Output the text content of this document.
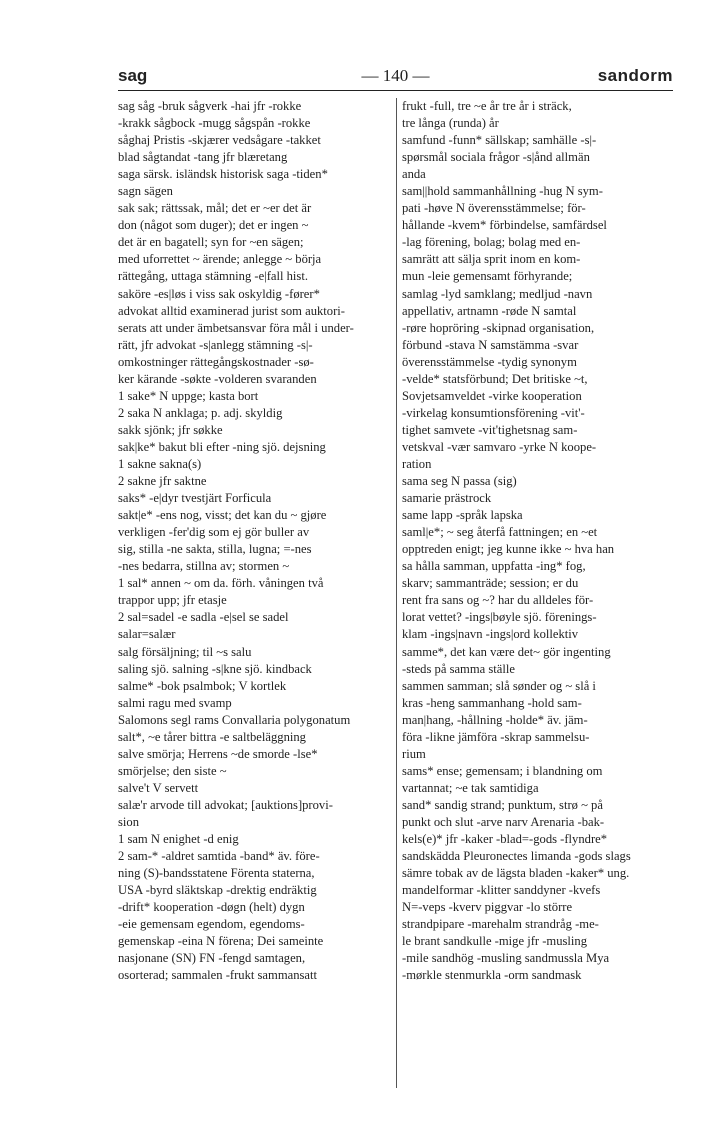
sag	— 140 —	sandorm
sag såg -bruk sågverk -hai jfr -rokke
-krakk sågbock -mugg sågspån -rokke
såghaj Pristis -skjærer vedsågare -takket
blad sågtandat -tang jfr blæretang
saga särsk. isländsk historisk saga -tiden*
sagn sägen
sak sak; rättssak, mål; det er ~er det är
don (något som duger); det er ingen ~
det är en bagatell; syn for ~en sägen;
med uforrettet ~ ärende; anlegge ~ börja
rättegång, uttaga stämning -e|fall hist.
saköre -es|løs i viss sak oskyldig -fører*
advokat alltid examinerad jurist som auktori-
serats att under ämbetsansvar föra mål i under-
rätt, jfr advokat -s|anlegg stämning -s|-
omkostninger rättegångskostnader -sø-
ker kärande -søkte -volderen svaranden
1 sake* N uppge; kasta bort
2 saka N anklaga; p. adj. skyldig
sakk sjönk; jfr søkke
sak|ke* bakut bli efter -ning sjö. dejsning
1 sakne sakna(s)
2 sakne jfr saktne
saks* -e|dyr tvestjärt Forficula
sakt|e* -ens nog, visst; det kan du ~ gjøre
verkligen -fer'dig som ej gör buller av
sig, stilla -ne sakta, stilla, lugna; =-nes
-nes bedarra, stillna av; stormen ~
1 sal* annen ~ om da. förh. våningen två
trappor upp; jfr etasje
2 sal=sadel -e sadla -e|sel se sadel
salar=salær
salg försäljning; til ~s salu
saling sjö. salning -s|kne sjö. kindback
salme* -bok psalmbok; V kortlek
salmi ragu med svamp
Salomons segl rams Convallaria polygonatum
salt*, ~e tårer bittra -e saltbeläggning
salve smörja; Herrens ~de smorde -lse*
smörjelse; den siste ~
salve't V servett
salæ'r arvode till advokat; [auktions]provi-
sion
1 sam N enighet -d enig
2 sam-* -aldret samtida -band* äv. före-
ning (S)-bandsstatene Förenta staterna,
USA -byrd släktskap -drektig endräktig
-drift* kooperation -døgn (helt) dygn
-eie gemensam egendom, egendoms-
gemenskap -eina N förena; Dei sameinte
nasjonane (SN) FN -fengd samtagen,
osorterad; sammalen -frukt sammansatt
frukt -full, tre ~e år tre år i sträck,
tre långa (runda) år
samfund -funn* sällskap; samhälle -s|-
spørsmål sociala frågor -s|ånd allmän
anda
sam||hold sammanhållning -hug N sym-
pati -høve N överensstämmelse; för-
hållande -kvem* förbindelse, samfärdsel
-lag förening, bolag; bolag med en-
samrätt att sälja sprit inom en kom-
mun -leie gemensamt förhyrande;
samlag -lyd samklang; medljud -navn
appellativ, artnamn -røde N samtal
-røre hopröring -skipnad organisation,
förbund -stava N samstämma -svar
överensstämmelse -tydig synonym
-velde* statsförbund; Det britiske ~t,
Sovjetsamveldet -virke kooperation
-virkelag konsumtionsförening -vit'-
tighet samvete -vit'tighetsnag sam-
vetskval -vær samvaro -yrke N koope-
ration
sama seg N passa (sig)
samarie prästrock
same lapp -språk lapska
saml|e*; ~ seg återfå fattningen; en ~et
opptreden enigt; jeg kunne ikke ~ hva han
sa hålla samman, uppfatta -ing* fog,
skarv; sammanträde; session; er du
rent fra sans og ~? har du alldeles för-
lorat vettet? -ings|bøyle sjö. förenings-
klam -ings|navn -ings|ord kollektiv
samme*, det kan være det~ gör ingenting
-steds på samma ställe
sammen samman; slå sønder og ~ slå i
kras -heng sammanhang -hold sam-
man|hang, -hållning -holde* äv. jäm-
föra -likne jämföra -skrap sammelsu-
rium
sams* ense; gemensam; i blandning om
vartannat; ~e tak samtidiga
sand* sandig strand; punktum, strø ~ på
punkt och slut -arve narv Arenaria -bak-
kels(e)* jfr -kaker -blad=-gods -flyndre*
sandskädda Pleuronectes limanda -gods slags
sämre tobak av de lägsta bladen -kaker* ung.
mandelformar -klitter sanddyner -kvefs
N=-veps -kverv piggvar -lo större
strandpipare -marehalm strandråg -me-
le brant sandkulle -mige jfr -musling
-mile sandhög -musling sandmussla Mya
-mørkle stenmurkla -orm sandmask
